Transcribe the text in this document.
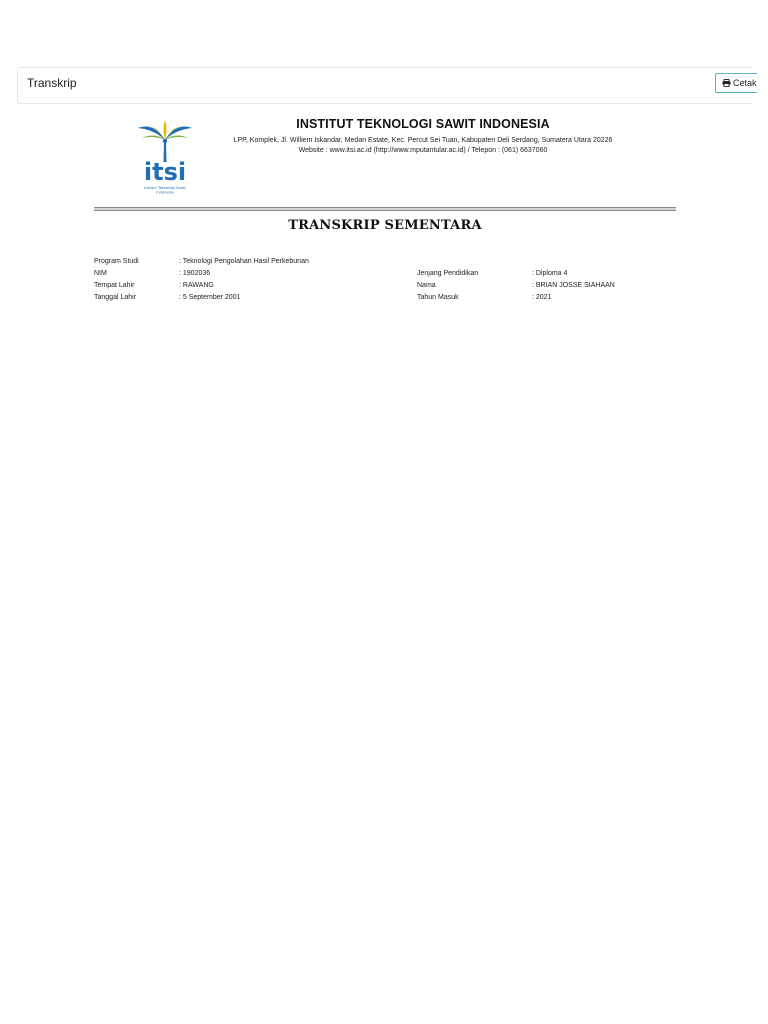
Transkrip	Cetak
itsi
Institut Teknologi Sawit
Indonesia
INSTITUT TEKNOLOGI SAWIT INDONESIA
LPP, Komplek, Jl. Williem Iskandar, Medan Estate, Kec. Percut Sei Tuan, Kabupaten Deli Serdang, Sumatera Utara 20226
Website : www.itsi.ac.id (http://www.mputantular.ac.id) / Telepon : (061) 6637060
TRANSKRIP SEMENTARA
Program Studi	: Teknologi Pengolahan Hasil Perkebunan
NIM	: 1902036	Jenjang Pendidikan	: Diploma 4
Tempat Lahir	: RAWANG	Nama	: BRIAN JOSSE SIAHAAN
Tanggal Lahir	: 5 September 2001	Tahun Masuk	: 2021
